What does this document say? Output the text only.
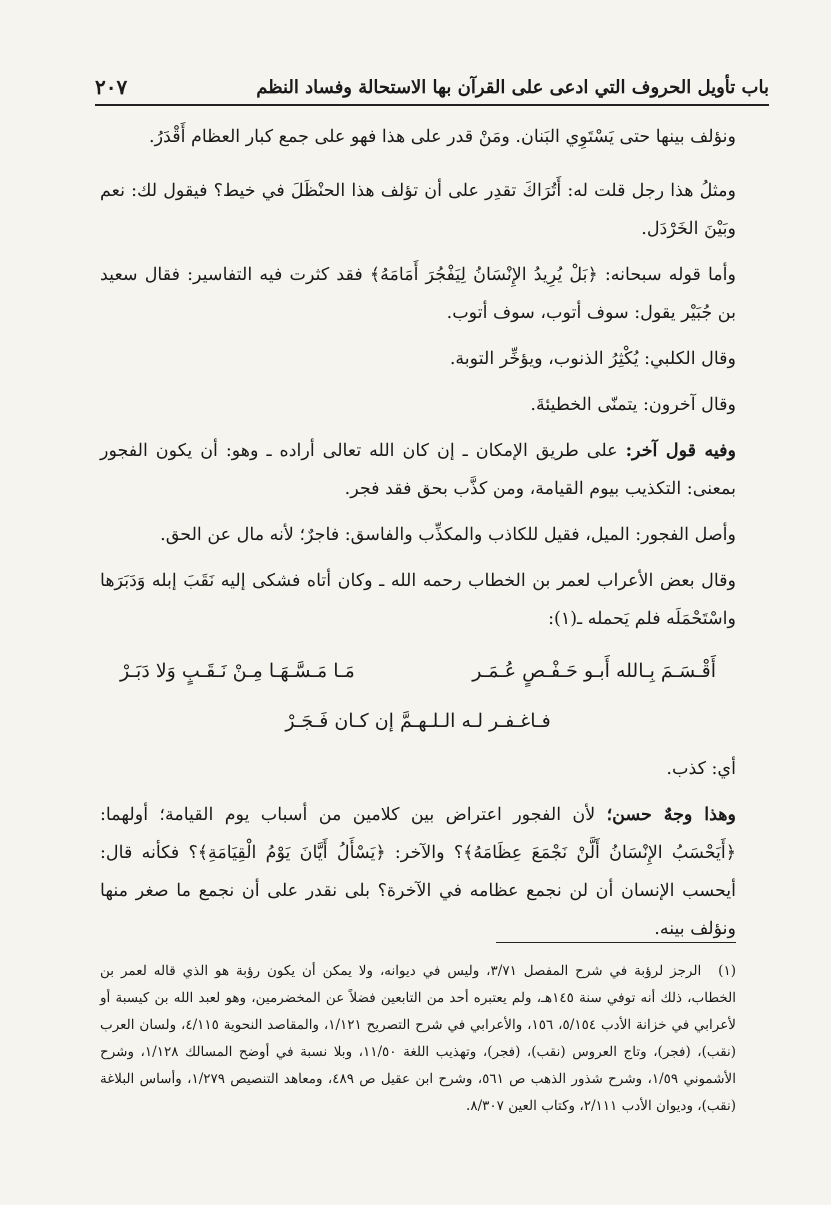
باب تأويل الحروف التي ادعى على القرآن بها الاستحالة وفساد النظم
٢٠٧

ونؤلف بينها حتى يَسْتَوِي البَنان. ومَنْ قدر على هذا فهو على جمع كبار العظام أَقْدَرُ.

ومثلُ هذا رجل قلت له: أَتُرَاكَ تقدِر على أن تؤلف هذا الحنْظَلَ في خيط؟ فيقول لك: نعم وبَيْنَ الخَرْدَل.

وأما قوله سبحانه: ﴿بَلْ يُرِيدُ الإِنْسَانُ لِيَفْجُرَ أَمَامَهُ﴾ فقد كثرت فيه التفاسير: فقال سعيد بن جُبَيْر يقول: سوف أتوب، سوف أتوب.

وقال الكلبي: يُكْثِرُ الذنوب، ويؤخِّر التوبة.

وقال آخرون: يتمنّى الخطيئةَ.

وفيه قول آخر: على طريق الإمكان ـ إن كان الله تعالى أراده ـ وهو: أن يكون الفجور بمعنى: التكذيب بيوم القيامة، ومن كذَّب بحق فقد فجر.

وأصل الفجور: الميل، فقيل للكاذب والمكذِّب والفاسق: فاجرٌ؛ لأنه مال عن الحق.

وقال بعض الأعراب لعمر بن الخطاب رحمه الله ـ وكان أتاه فشكى إليه نَقَبَ إبله وَدَبَرَها واسْتَحْمَلَه فلم يَحمله ـ(١):

أَقْـسَـمَ بِـالله أَبـو حَـفْـصٍ عُـمَـر
مَـا مَـسَّـهَـا مِـنْ نَـقَـبٍ وَلا دَبَـرْ
فـاغـفـر لـه الـلـهـمَّ إن كـان فَـجَـرْ

أي: كذب.

وهذا وجهٌ حسن؛ لأن الفجور اعتراض بين كلامين من أسباب يوم القيامة؛ أولهما: ﴿أَيَحْسَبُ الإِنْسَانُ أَلَّنْ نَجْمَعَ عِظَامَهُ﴾؟ والآخر: ﴿يَسْأَلُ أَيَّانَ يَوْمُ الْقِيَامَةِ﴾؟ فكأنه قال: أيحسب الإنسان أن لن نجمع عظامه في الآخرة؟ بلى نقدر على أن نجمع ما صغر منها ونؤلف بينه.

(١) الرجز لرؤبة في شرح المفصل ٣/٧١، وليس في ديوانه، ولا يمكن أن يكون رؤبة هو الذي قاله لعمر بن الخطاب، ذلك أنه توفي سنة ١٤٥هـ، ولم يعتبره أحد من التابعين فضلاً عن المخضرمين، وهو لعبد الله بن كيسبة أو لأعرابي في خزانة الأدب ٥/١٥٤، ١٥٦، والأعرابي في شرح التصريح ١/١٢١، والمقاصد النحوية ٤/١١٥، ولسان العرب (نقب)، (فجر)، وتاج العروس (نقب)، (فجر)، وتهذيب اللغة ١١/٥٠، وبلا نسبة في أوضح المسالك ١/١٢٨، وشرح الأشموني ١/٥٩، وشرح شذور الذهب ص ٥٦١، وشرح ابن عقيل ص ٤٨٩، ومعاهد التنصيص ١/٢٧٩، وأساس البلاغة (نقب)، وديوان الأدب ٢/١١١، وكتاب العين ٨/٣٠٧.
